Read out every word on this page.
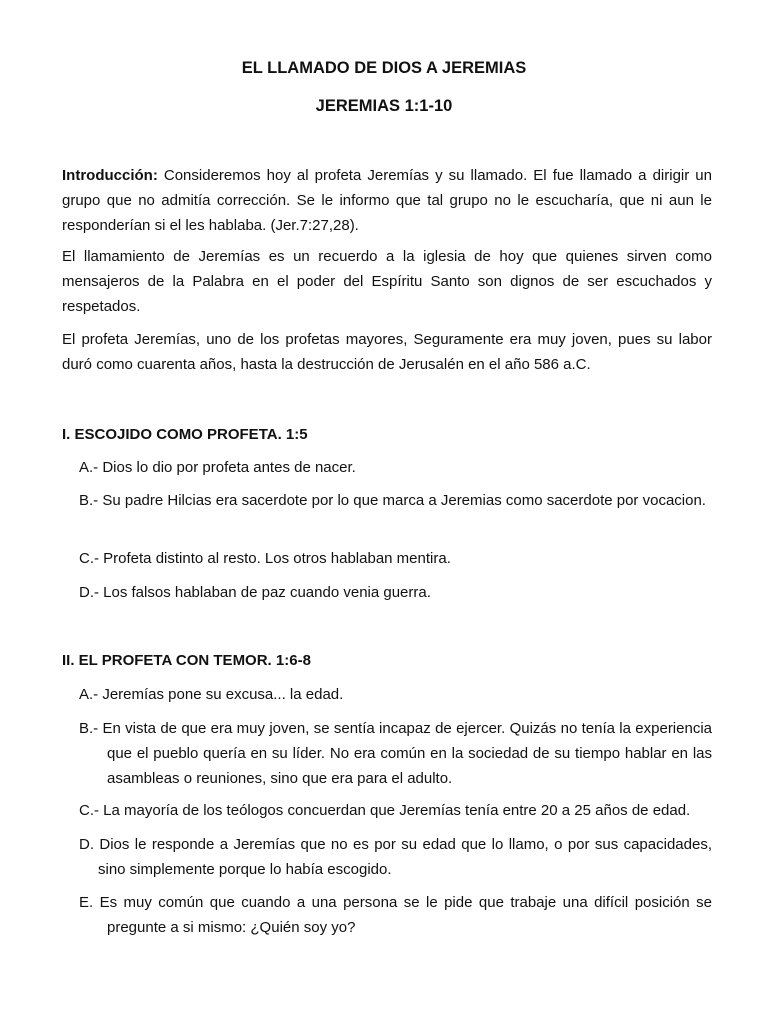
EL LLAMADO DE DIOS A JEREMIAS
JEREMIAS 1:1-10

Introducción: Consideremos hoy al profeta Jeremías y su llamado. El fue llamado a dirigir un grupo que no admitía corrección. Se le informo que tal grupo no le escucharía, que ni aun le responderían si el les hablaba. (Jer.7:27,28).

El llamamiento de Jeremías es un recuerdo a la iglesia de hoy que quienes sirven como mensajeros de la Palabra en el poder del Espíritu Santo son dignos de ser escuchados y respetados.

El profeta Jeremías, uno de los profetas mayores, Seguramente era muy joven, pues su labor duró como cuarenta años, hasta la destrucción de Jerusalén en el año 586 a.C.

I. ESCOJIDO COMO PROFETA. 1:5

A.- Dios lo dio por profeta antes de nacer.

B.- Su padre Hilcias era sacerdote por lo que marca a Jeremias como sacerdote por vocacion.

C.- Profeta distinto al resto. Los otros hablaban mentira.

D.- Los falsos hablaban de paz cuando venia guerra.

II. EL PROFETA CON TEMOR. 1:6-8

A.- Jeremías pone su excusa... la edad.

B.- En vista de que era muy joven, se sentía incapaz de ejercer. Quizás no tenía la experiencia que el pueblo quería en su líder. No era común en la sociedad de su tiempo hablar en las asambleas o reuniones, sino que era para el adulto.

C.- La mayoría de los teólogos concuerdan que Jeremías tenía entre 20 a 25 años de edad.

D. Dios le responde a Jeremías que no es por su edad que lo llamo, o por sus capacidades, sino simplemente porque lo había escogido.

E. Es muy común que cuando a una persona se le pide que trabaje una difícil posición se pregunte a si mismo: ¿Quién soy yo?
